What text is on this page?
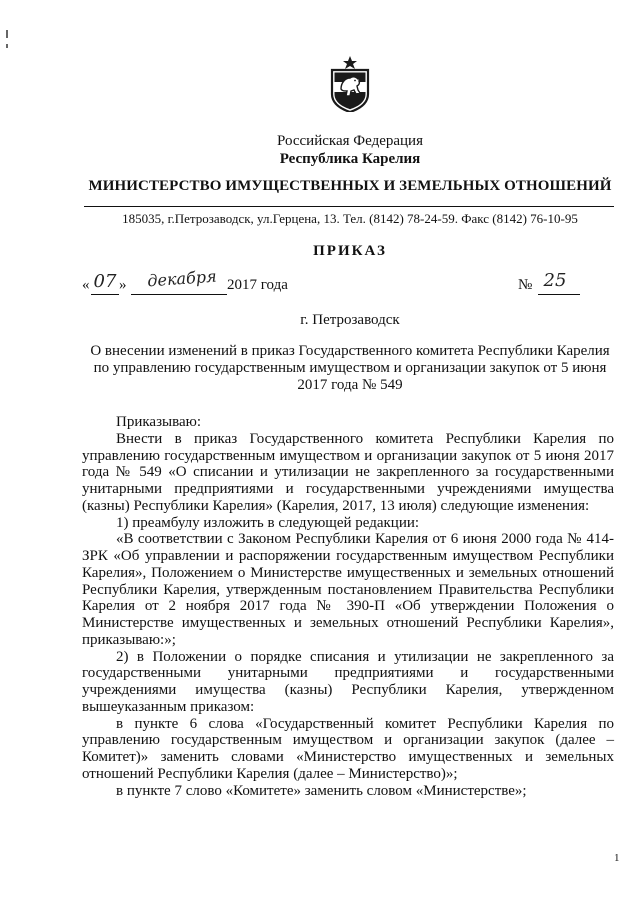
Российская Федерация
Республика Карелия
МИНИСТЕРСТВО ИМУЩЕСТВЕННЫХ И ЗЕМЕЛЬНЫХ ОТНОШЕНИЙ
185035, г.Петрозаводск, ул.Герцена, 13. Тел. (8142) 78-24-59. Факс (8142) 76-10-95
ПРИКАЗ
« 07 »	декабря 2017 года	№ 25
г. Петрозаводск
О внесении изменений в приказ Государственного комитета Республики Карелия по управлению государственным имуществом и организации закупок от 5 июня 2017 года № 549

Приказываю:

Внести в приказ Государственного комитета Республики Карелия по управлению государственным имуществом и организации закупок от 5 июня 2017 года № 549 «О списании и утилизации не закрепленного за государственными унитарными предприятиями и государственными учреждениями имущества (казны) Республики Карелия» (Карелия, 2017, 13 июля) следующие изменения:

1) преамбулу изложить в следующей редакции:

«В соответствии с Законом Республики Карелия от 6 июня 2000 года № 414-ЗРК «Об управлении и распоряжении государственным имуществом Республики Карелия», Положением о Министерстве имущественных и земельных отношений Республики Карелия, утвержденным постановлением Правительства Республики Карелия от 2 ноября 2017 года № 390-П «Об утверждении Положения о Министерстве имущественных и земельных отношений Республики Карелия», приказываю:»;

2) в Положении о порядке списания и утилизации не закрепленного за государственными унитарными предприятиями и государственными учреждениями имущества (казны) Республики Карелия, утвержденном вышеуказанным приказом:

в пункте 6 слова «Государственный комитет Республики Карелия по управлению государственным имуществом и организации закупок (далее – Комитет)» заменить словами «Министерство имущественных и земельных отношений Республики Карелия (далее – Министерство)»;

в пункте 7 слово «Комитете» заменить словом «Министерстве»;

1
